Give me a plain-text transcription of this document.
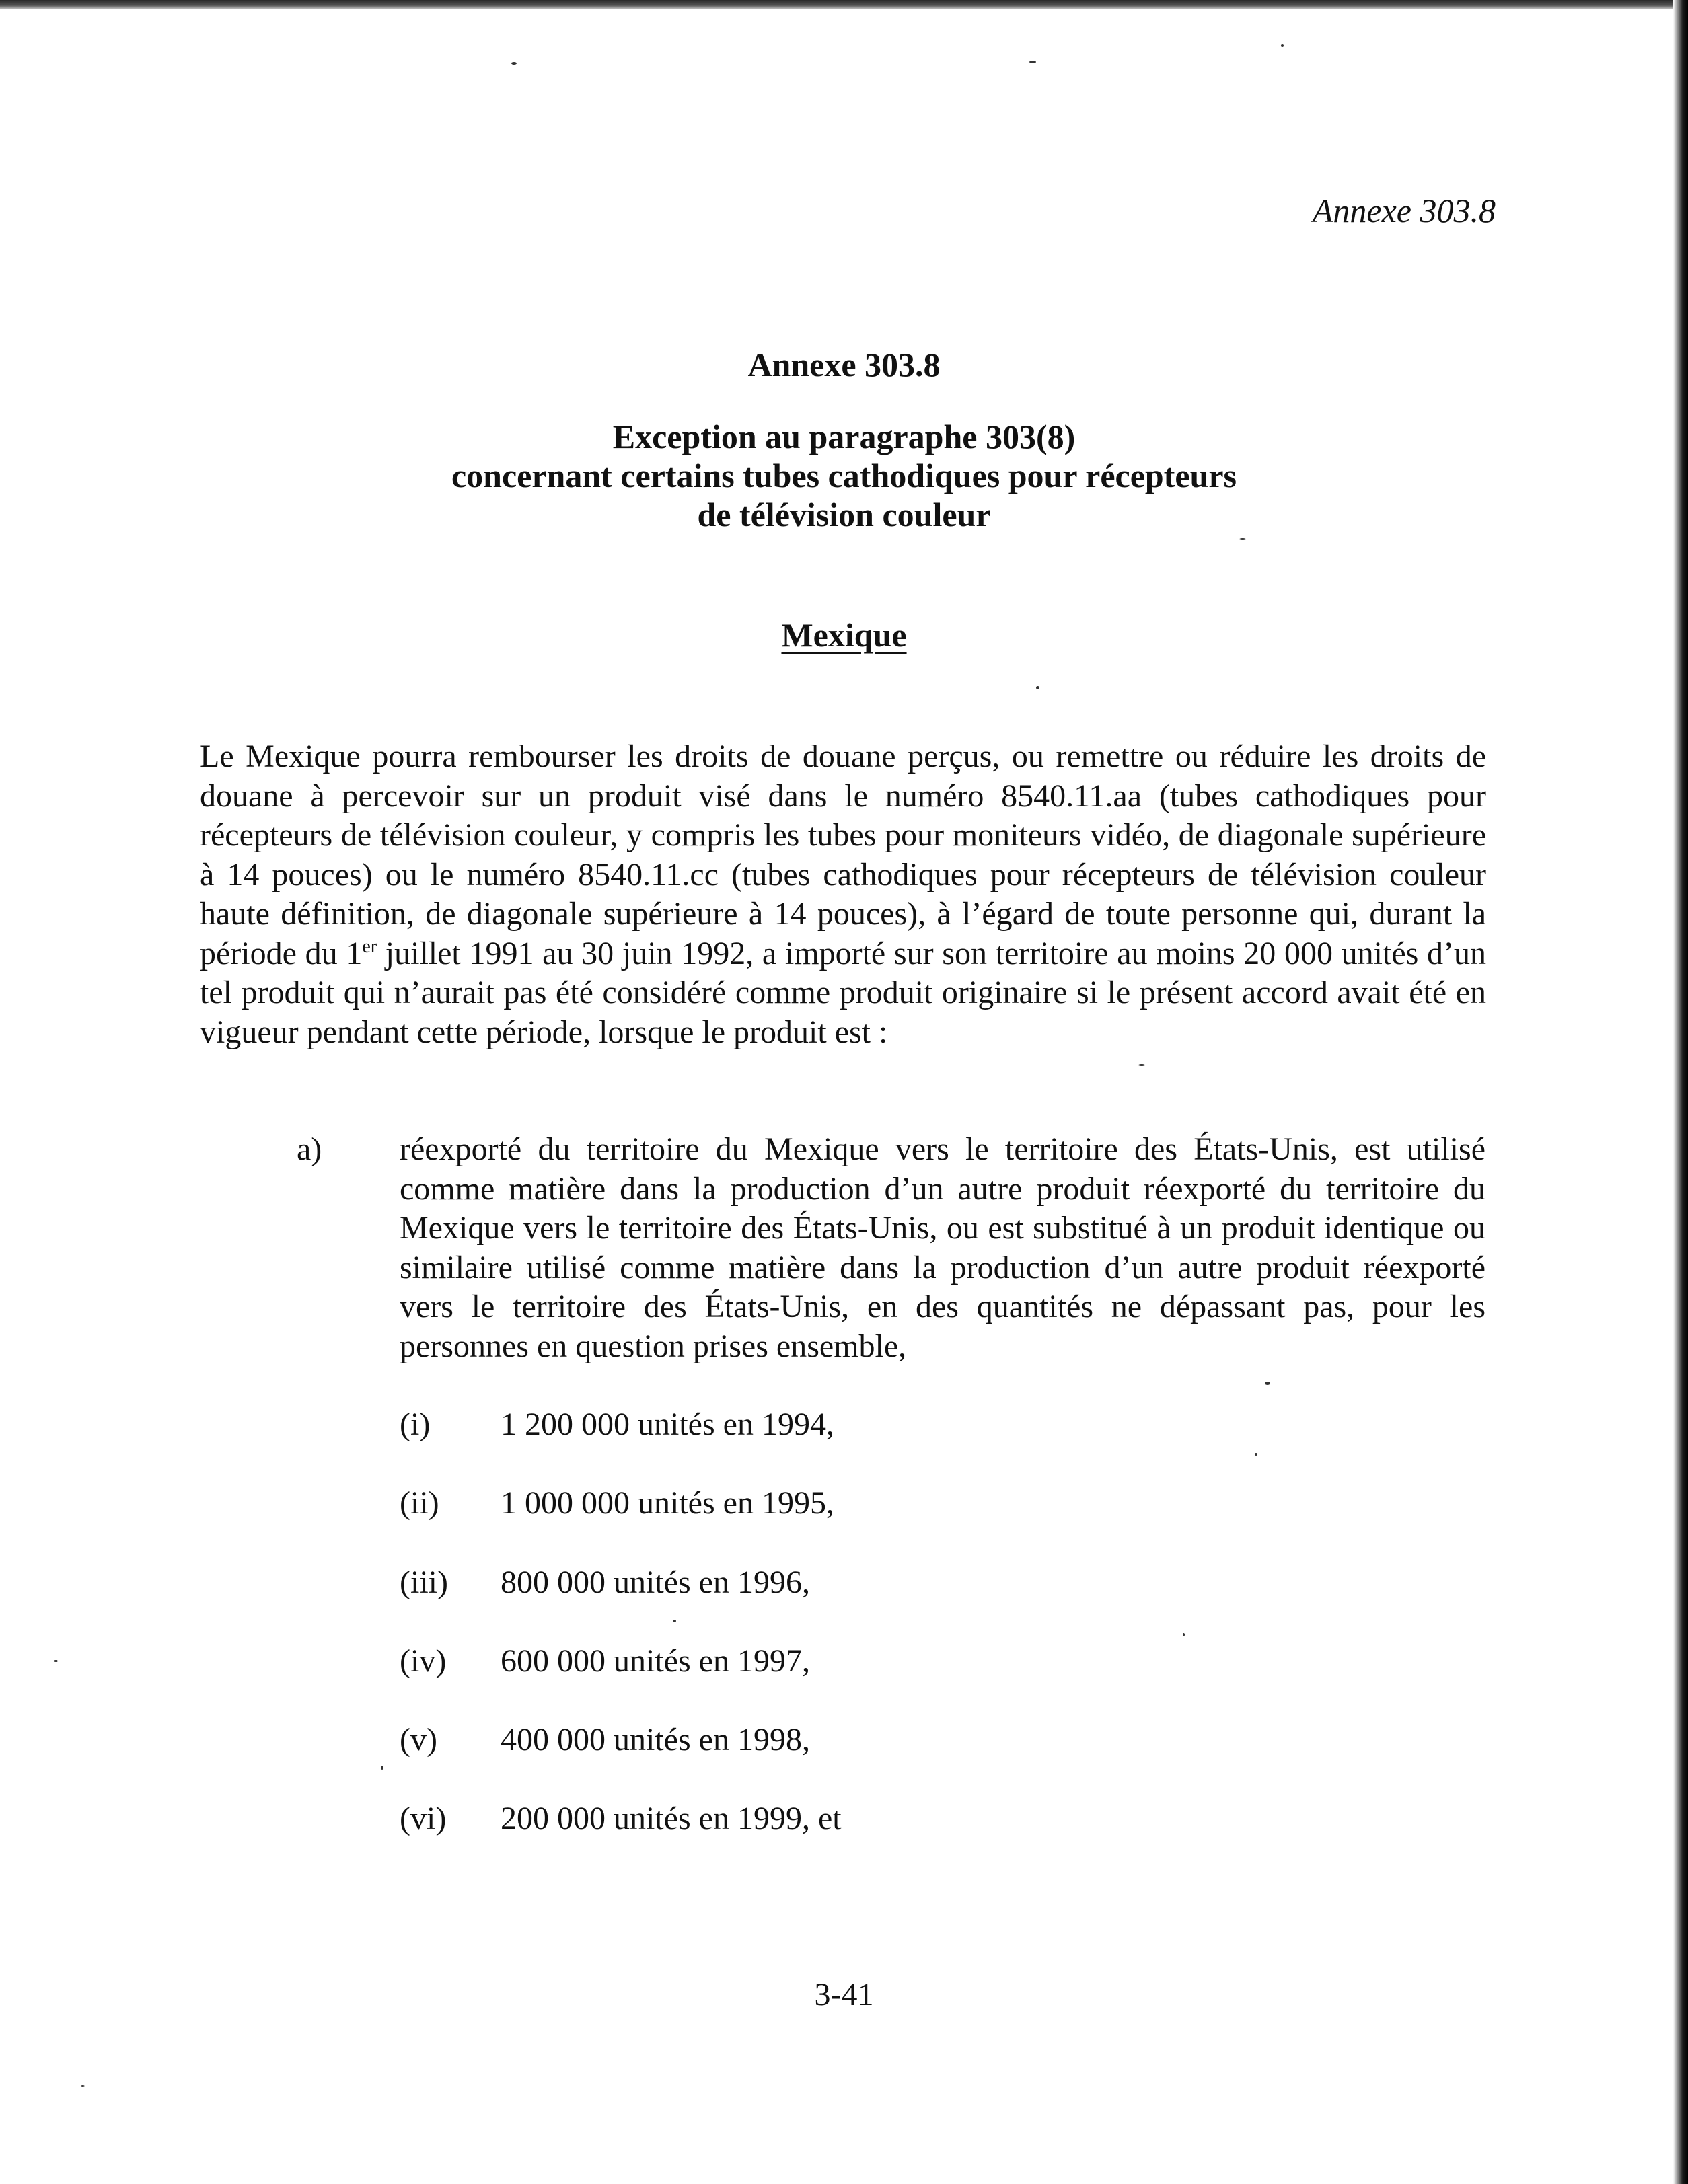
Annexe 303.8
Annexe 303.8
Exception au paragraphe 303(8)
concernant certains tubes cathodiques pour récepteurs
de télévision couleur
Mexique

Le Mexique pourra rembourser les droits de douane perçus, ou remettre ou réduire les droits de douane à percevoir sur un produit visé dans le numéro 8540.11.aa (tubes cathodiques pour récepteurs de télévision couleur, y compris les tubes pour moniteurs vidéo, de diagonale supérieure à 14 pouces) ou le numéro 8540.11.cc (tubes cathodiques pour récepteurs de télévision couleur haute définition, de diagonale supérieure à 14 pouces), à l’égard de toute personne qui, durant la période du 1er juillet 1991 au 30 juin 1992, a importé sur son territoire au moins 20 000 unités d’un tel produit qui n’aurait pas été considéré comme produit originaire si le présent accord avait été en vigueur pendant cette période, lorsque le produit est :

a) réexporté du territoire du Mexique vers le territoire des États-Unis, est utilisé comme matière dans la production d’un autre produit réexporté du territoire du Mexique vers le territoire des États-Unis, ou est substitué à un produit identique ou similaire utilisé comme matière dans la production d’un autre produit réexporté vers le territoire des États-Unis, en des quantités ne dépassant pas, pour les personnes en question prises ensemble,

(i) 1 200 000 unités en 1994,
(ii) 1 000 000 unités en 1995,
(iii) 800 000 unités en 1996,
(iv) 600 000 unités en 1997,
(v) 400 000 unités en 1998,
(vi) 200 000 unités en 1999, et
3-41
